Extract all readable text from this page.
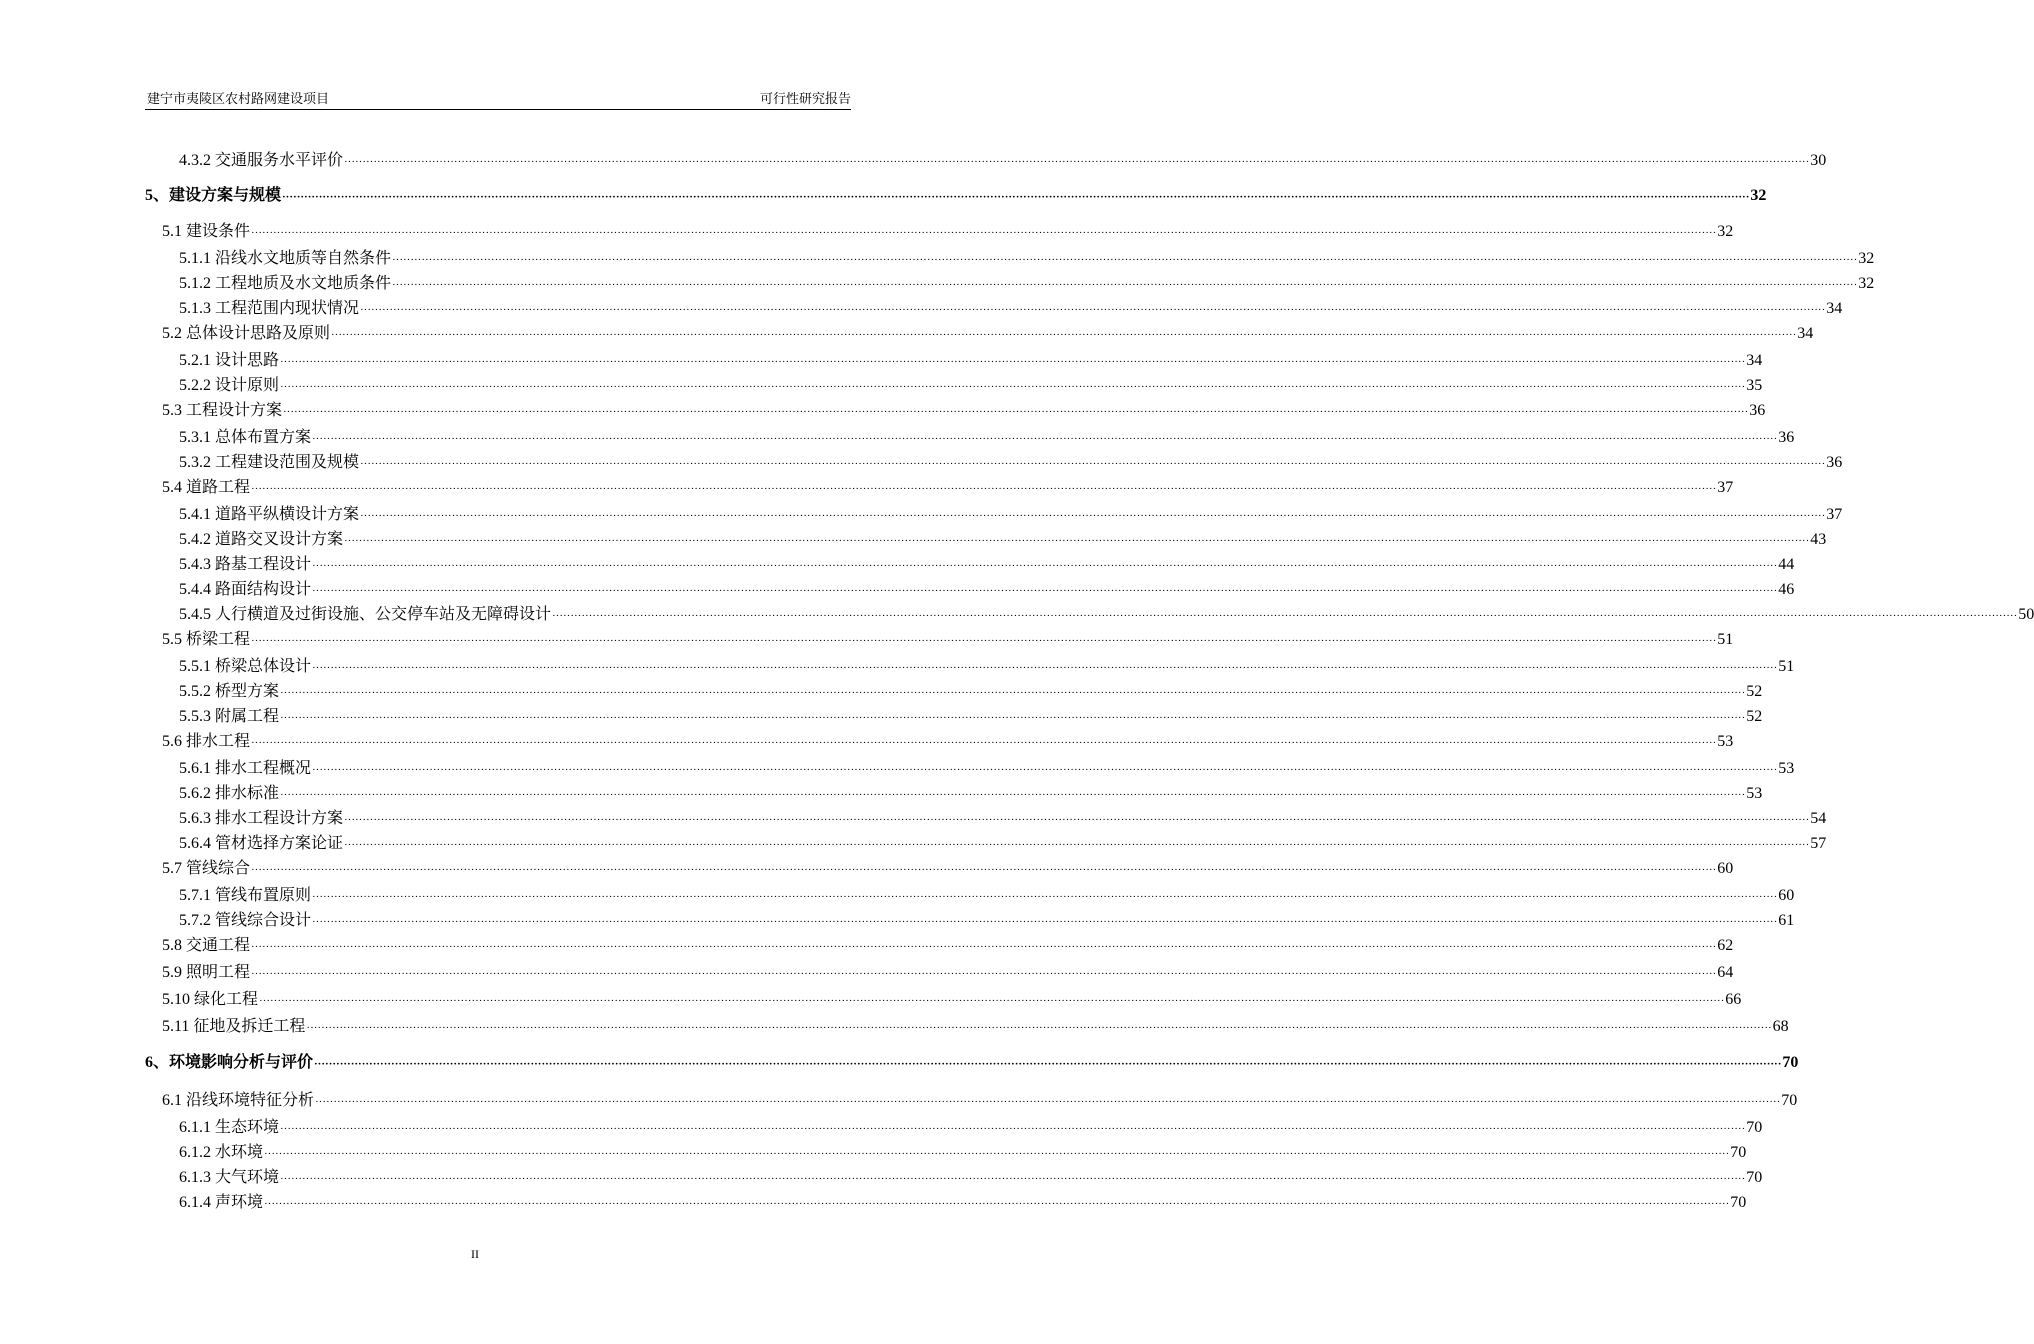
建宁市夷陵区农村路网建设项目	可行性研究报告
4.3.2 交通服务水平评价 ················································································································································································································································································································································································································ 30
5、建设方案与规模 ················································································································································································································································································································································································································ 32
5.1 建设条件 ················································································································································································································································································································································································································ 32
5.1.1 沿线水文地质等自然条件 ················································································································································································································································································································································································································ 32
5.1.2 工程地质及水文地质条件 ················································································································································································································································································································································································································ 32
5.1.3 工程范围内现状情况 ················································································································································································································································································································································································································ 34
5.2 总体设计思路及原则 ················································································································································································································································································································································································································ 34
5.2.1 设计思路 ················································································································································································································································································································································································································ 34
5.2.2 设计原则 ················································································································································································································································································································································································································ 35
5.3 工程设计方案 ················································································································································································································································································································································································································ 36
5.3.1 总体布置方案 ················································································································································································································································································································································································································ 36
5.3.2 工程建设范围及规模 ················································································································································································································································································································································································································ 36
5.4 道路工程 ················································································································································································································································································································································································································ 37
5.4.1 道路平纵横设计方案 ················································································································································································································································································································································································································ 37
5.4.2 道路交叉设计方案 ················································································································································································································································································································································································································ 43
5.4.3 路基工程设计 ················································································································································································································································································································································································································ 44
5.4.4 路面结构设计 ················································································································································································································································································································································································································ 46
5.4.5 人行横道及过街设施、公交停车站及无障碍设计 ················································································································································································································································································································································································································ 50
5.5 桥梁工程 ················································································································································································································································································································································································································ 51
5.5.1 桥梁总体设计 ················································································································································································································································································································································································································ 51
5.5.2 桥型方案 ················································································································································································································································································································································································································ 52
5.5.3 附属工程 ················································································································································································································································································································································································································ 52
5.6 排水工程 ················································································································································································································································································································································································································ 53
5.6.1 排水工程概况 ················································································································································································································································································································································································································ 53
5.6.2 排水标准 ················································································································································································································································································································································································································ 53
5.6.3 排水工程设计方案 ················································································································································································································································································································································································································ 54
5.6.4 管材选择方案论证 ················································································································································································································································································································································································································ 57
5.7 管线综合 ················································································································································································································································································································································································································ 60
5.7.1 管线布置原则 ················································································································································································································································································································································································································ 60
5.7.2 管线综合设计 ················································································································································································································································································································································································································ 61
5.8 交通工程 ················································································································································································································································································································································································································ 62
5.9 照明工程 ················································································································································································································································································································································································································ 64
5.10 绿化工程 ················································································································································································································································································································································································································ 66
5.11 征地及拆迁工程 ················································································································································································································································································································································································································ 68
6、环境影响分析与评价 ················································································································································································································································································································································································································ 70
6.1 沿线环境特征分析 ················································································································································································································································································································································································································ 70
6.1.1 生态环境 ················································································································································································································································································································································································································ 70
6.1.2 水环境 ················································································································································································································································································································································································································ 70
6.1.3 大气环境 ················································································································································································································································································································································································································ 70
6.1.4 声环境 ················································································································································································································································································································································································································ 70
II
